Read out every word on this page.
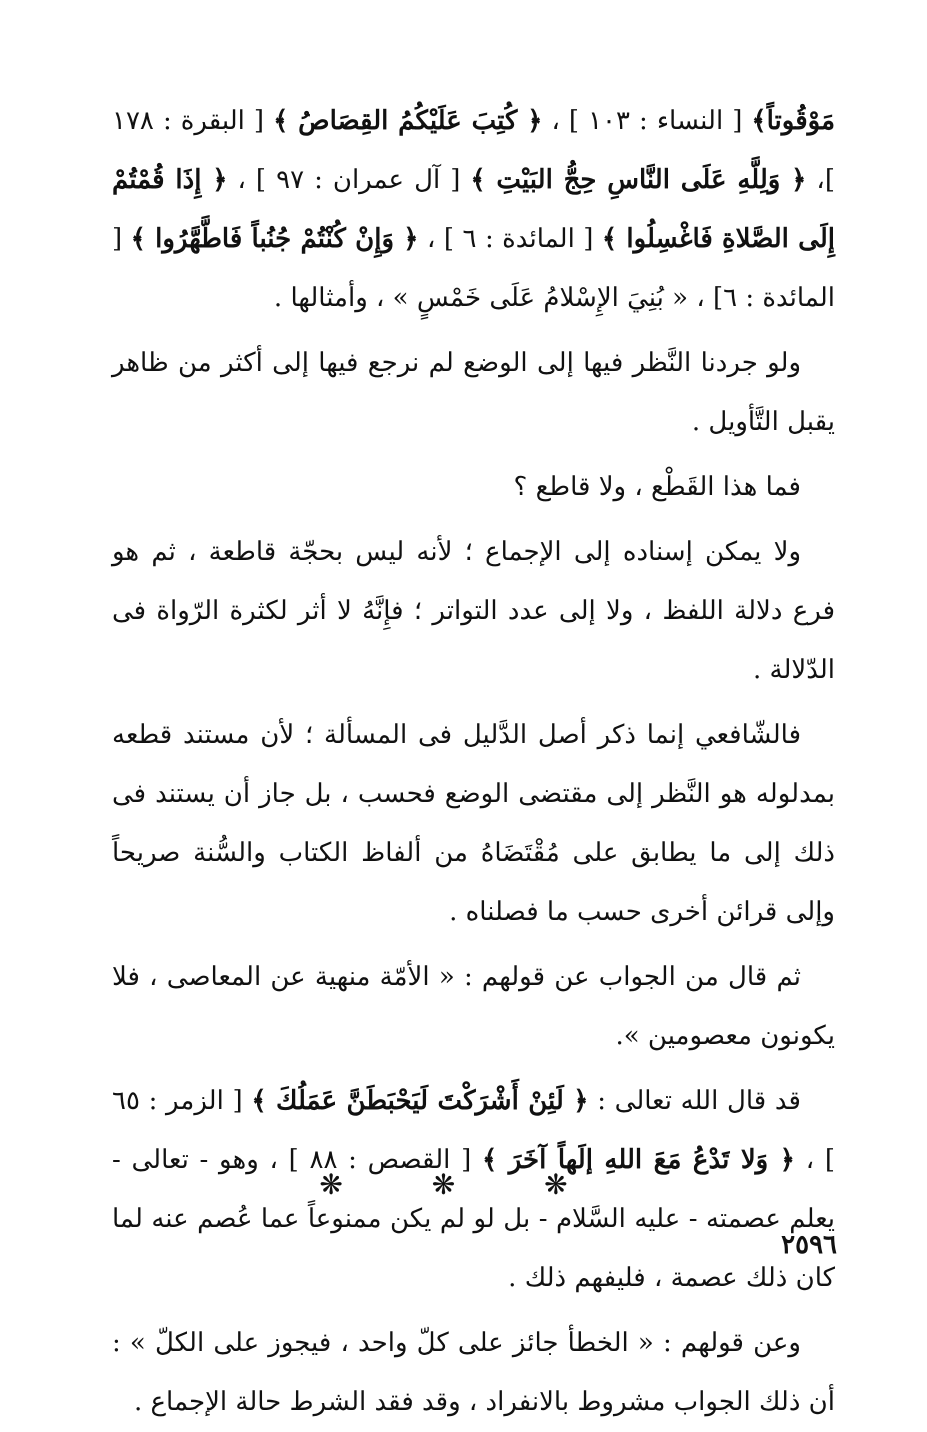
مَوْقُوتاً﴾ [ النساء : ١٠٣ ] ، ﴿ كُتِبَ عَلَيْكُمُ القِصَاصُ ﴾ [ البقرة : ١٧٨ ]، ﴿ وَلِلَّهِ عَلَى النَّاسِ حِجُّ البَيْتِ ﴾ [ آل عمران : ٩٧ ] ، ﴿ إِذَا قُمْتُمْ إِلَى الصَّلاةِ فَاغْسِلُوا ﴾ [ المائدة : ٦ ] ، ﴿ وَإِنْ كُنْتُمْ جُنُباً فَاطَّهَّرُوا ﴾ [ المائدة : ٦] ، « بُنِيَ الإِسْلامُ عَلَى خَمْسٍ » ، وأمثالها .

ولو جردنا النَّظر فيها إلى الوضع لم نرجع فيها إلى أكثر من ظاهر يقبل التَّأويل .

فما هذا القَطْع ، ولا قاطع ؟

ولا يمكن إسناده إلى الإجماع ؛ لأنه ليس بحجّة قاطعة ، ثم هو فرع دلالة اللفظ ، ولا إلى عدد التواتر ؛ فإِنَّهُ لا أثر لكثرة الرّواة فى الدّلالة .

فالشّافعي إنما ذكر أصل الدَّليل فى المسألة ؛ لأن مستند قطعه بمدلوله هو النَّظر إلى مقتضى الوضع فحسب ، بل جاز أن يستند فى ذلك إلى ما يطابق على مُقْتَضَاهُ من ألفاظ الكتاب والسُّنة صريحاً وإلى قرائن أخرى حسب ما فصلناه .

ثم قال من الجواب عن قولهم : « الأمّة منهية عن المعاصى ، فلا يكونون معصومين ».

قد قال الله تعالى : ﴿ لَئِنْ أَشْرَكْتَ لَيَحْبَطَنَّ عَمَلُكَ ﴾ [ الزمر : ٦٥ ] ، ﴿ وَلا تَدْعُ مَعَ اللهِ إلَهاً آخَرَ ﴾ [ القصص : ٨٨ ] ، وهو - تعالى - يعلم عصمته - عليه السَّلام - بل لو لم يكن ممنوعاً عما عُصم عنه لما كان ذلك عصمة ، فليفهم ذلك .

وعن قولهم : « الخطأ جائز على كلّ واحد ، فيجوز على الكلّ » : أن ذلك الجواب مشروط بالانفراد ، وقد فقد الشرط حالة الإجماع .

❋ ❋ ❋
٢٥٩٦
